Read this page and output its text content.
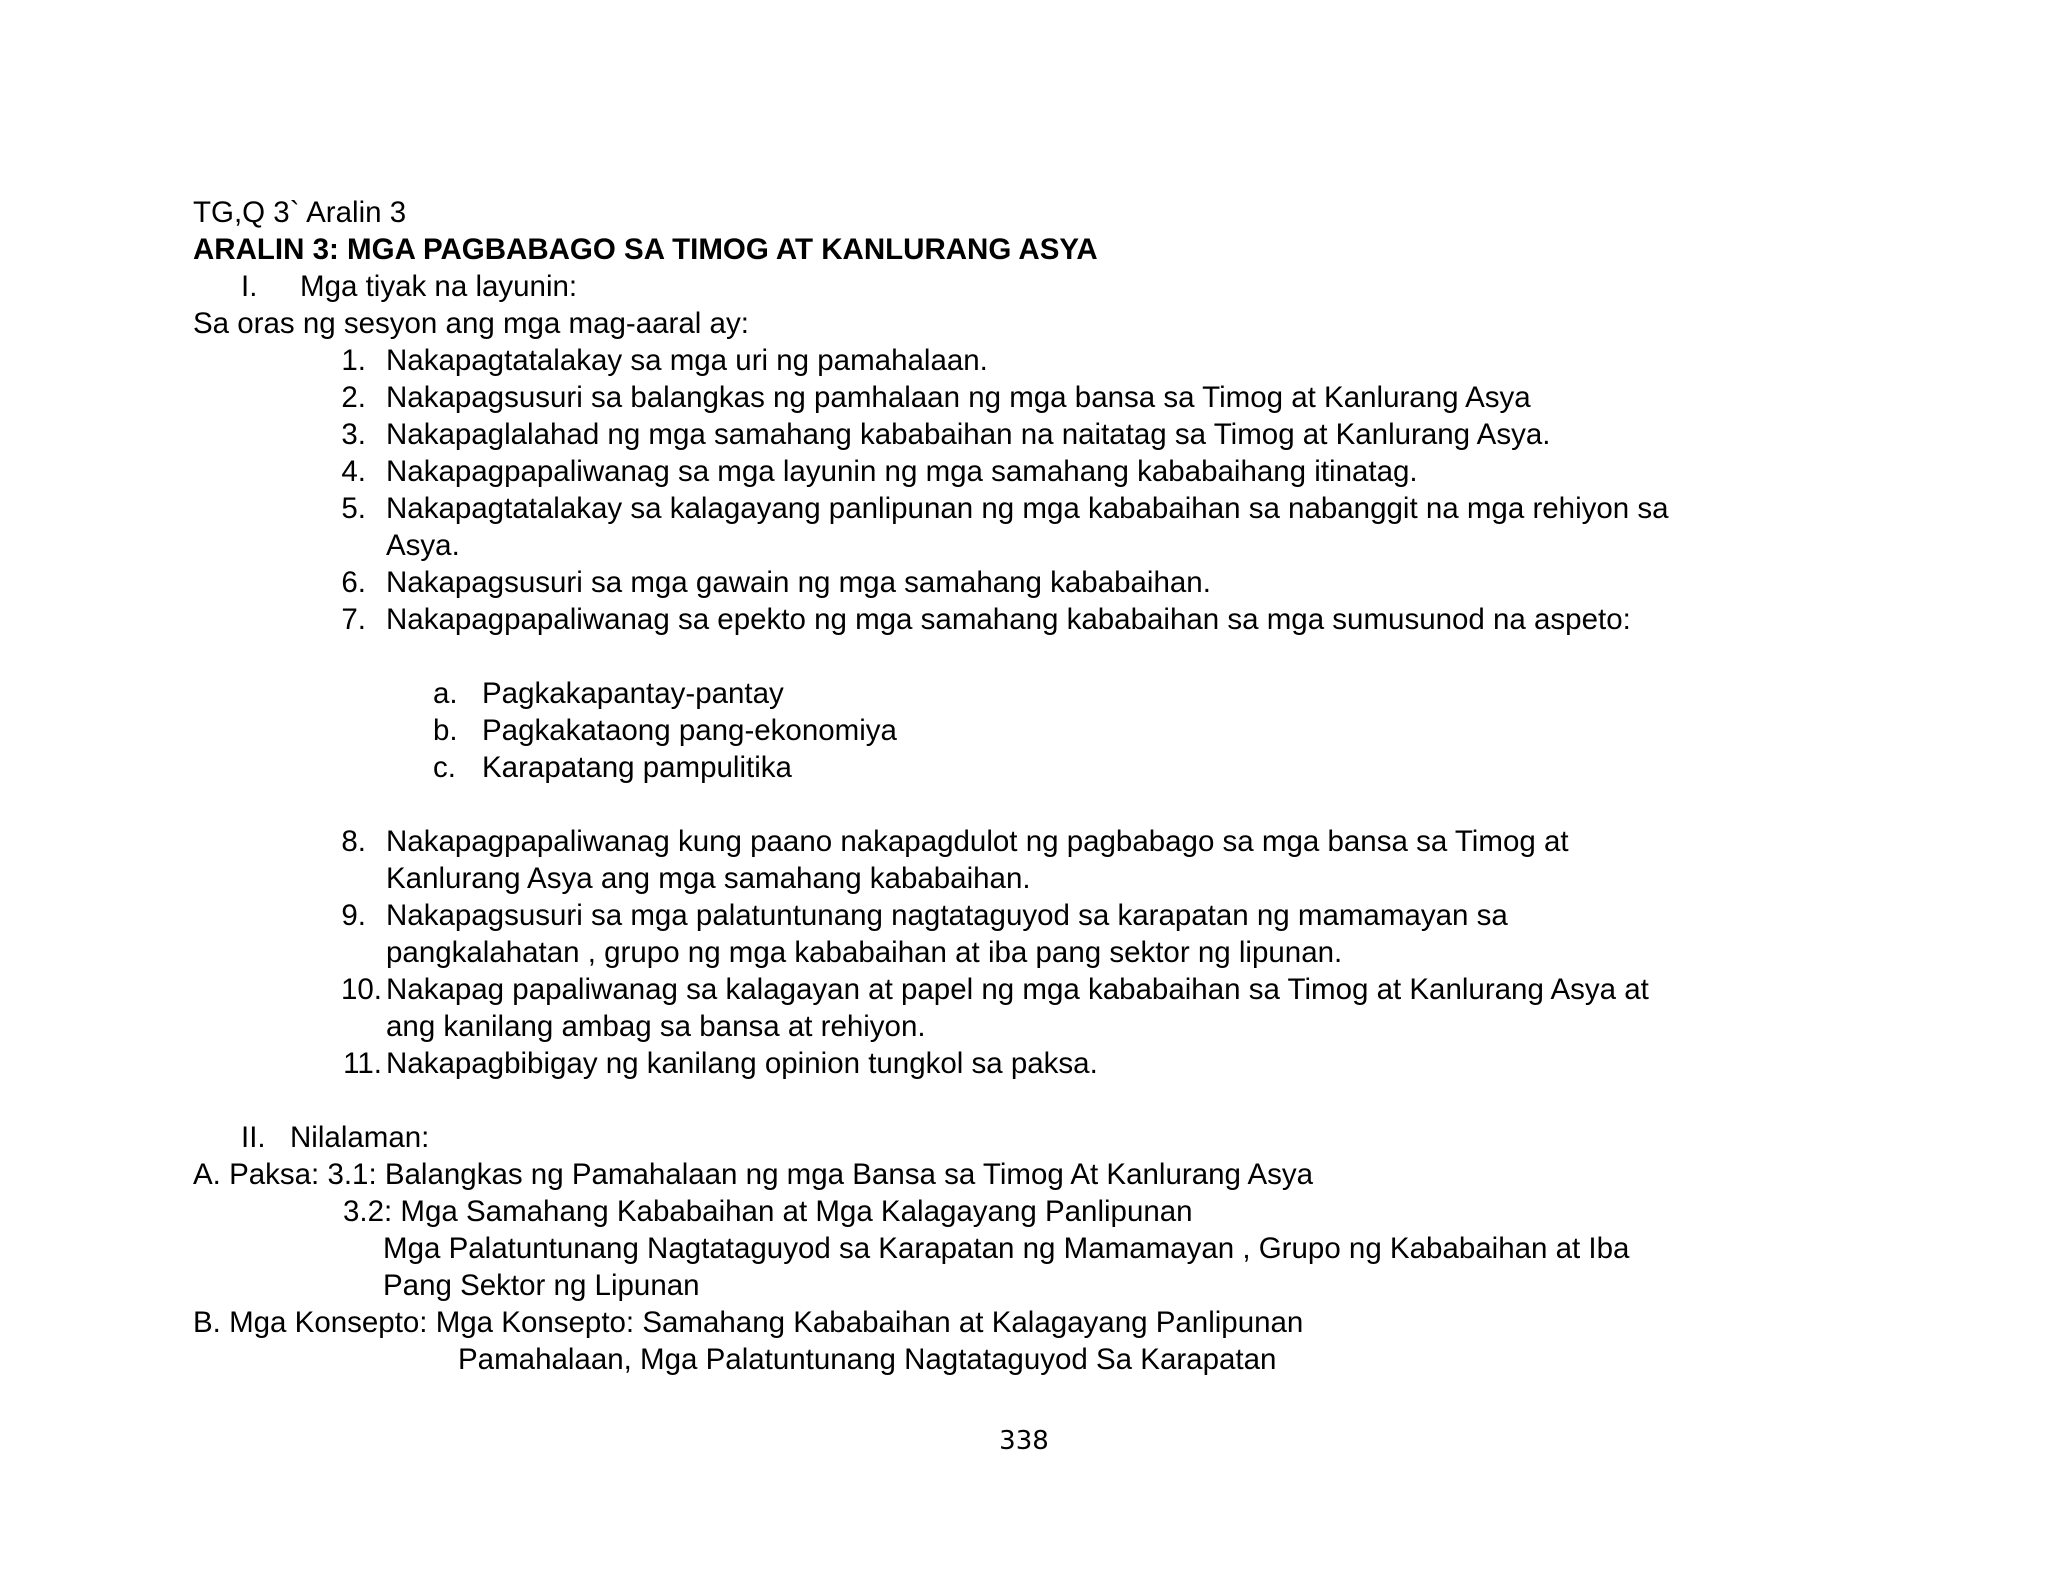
TG,Q 3` Aralin 3
ARALIN 3: MGA PAGBABAGO SA TIMOG AT KANLURANG ASYA
I. Mga tiyak na layunin:
Sa oras ng sesyon ang mga mag-aaral ay:
1. Nakapagtatalakay sa mga uri ng pamahalaan.
2. Nakapagsusuri sa balangkas ng pamhalaan ng mga bansa sa Timog at Kanlurang Asya
3. Nakapaglalahad ng mga samahang kababaihan na naitatag sa Timog at Kanlurang Asya.
4. Nakapagpapaliwanag sa mga layunin ng mga samahang kababaihang itinatag.
5. Nakapagtatalakay sa kalagayang panlipunan ng mga kababaihan sa nabanggit na mga rehiyon sa
Asya.
6. Nakapagsusuri sa mga gawain ng mga samahang kababaihan.
7. Nakapagpapaliwanag sa epekto ng mga samahang kababaihan sa mga sumusunod na aspeto:
a. Pagkakapantay-pantay
b. Pagkakataong pang-ekonomiya
c. Karapatang pampulitika
8. Nakapagpapaliwanag kung paano nakapagdulot ng pagbabago sa mga bansa sa Timog at
Kanlurang Asya ang mga samahang kababaihan.
9. Nakapagsusuri sa mga palatuntunang nagtataguyod sa karapatan ng mamamayan sa
pangkalahatan , grupo ng mga kababaihan at iba pang sektor ng lipunan.
10. Nakapag papaliwanag sa kalagayan at papel ng mga kababaihan sa Timog at Kanlurang Asya at
ang kanilang ambag sa bansa at rehiyon.
11. Nakapagbibigay ng kanilang opinion tungkol sa paksa.
II. Nilalaman:
A. Paksa: 3.1: Balangkas ng Pamahalaan ng mga Bansa sa Timog At Kanlurang Asya
3.2: Mga Samahang Kababaihan at Mga Kalagayang Panlipunan
Mga Palatuntunang Nagtataguyod sa Karapatan ng Mamamayan , Grupo ng Kababaihan at Iba
Pang Sektor ng Lipunan
B. Mga Konsepto: Mga Konsepto: Samahang Kababaihan at Kalagayang Panlipunan
Pamahalaan, Mga Palatuntunang Nagtataguyod Sa Karapatan
338
